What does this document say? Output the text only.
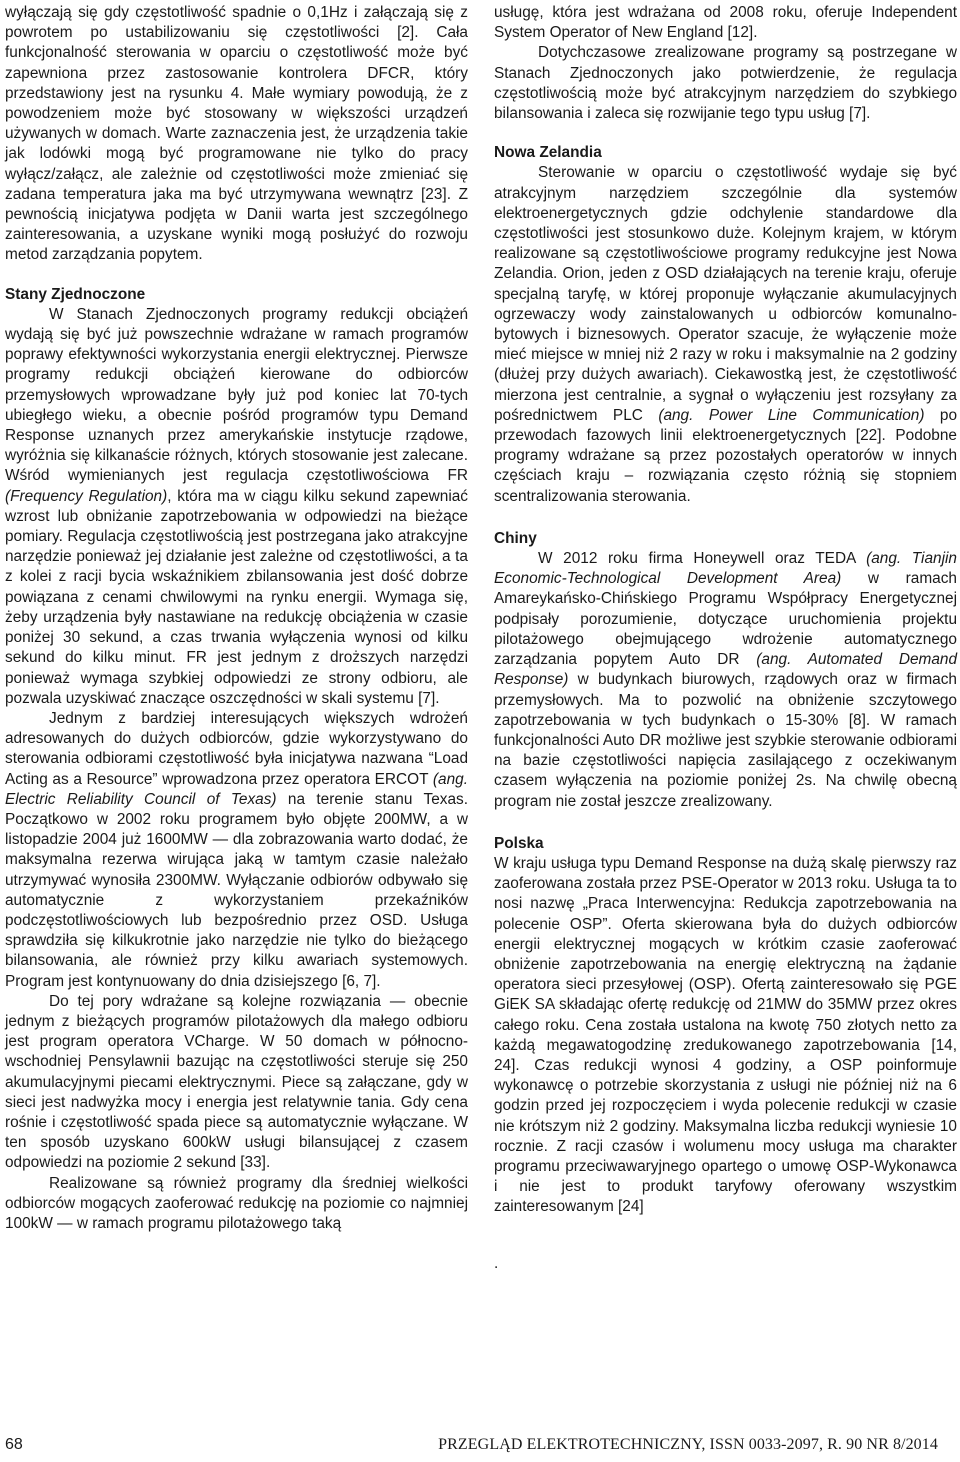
wyłączają się gdy częstotliwość spadnie o 0,1Hz i załączają się z powrotem po ustabilizowaniu się częstotliwości [2]. Cała funkcjonalność sterowania w oparciu o częstotliwość może być zapewniona przez zastosowanie kontrolera DFCR, który przedstawiony jest na rysunku 4. Małe wymiary powodują, że z powodzeniem może być stosowany w większości urządzeń używanych w domach. Warte zaznaczenia jest, że urządzenia takie jak lodówki mogą być programowane nie tylko do pracy wyłącz/załącz, ale zależnie od częstotliwości może zmieniać się zadana temperatura jaka ma być utrzymywana wewnątrz [23]. Z pewnością inicjatywa podjęta w Danii warta jest szczególnego zainteresowania, a uzyskane wyniki mogą posłużyć do rozwoju metod zarządzania popytem.

Stany Zjednoczone

W Stanach Zjednoczonych programy redukcji obciążeń wydają się być już powszechnie wdrażane w ramach programów poprawy efektywności wykorzystania energii elektrycznej. Pierwsze programy redukcji obciążeń kierowane do odbiorców przemysłowych wprowadzane były już pod koniec lat 70-tych ubiegłego wieku, a obecnie pośród programów typu Demand Response uznanych przez amerykańskie instytucje rządowe, wyróżnia się kilkanaście różnych, których stosowanie jest zalecane. Wśród wymienianych jest regulacja częstotliwościowa FR (Frequency Regulation), która ma w ciągu kilku sekund zapewniać wzrost lub obniżanie zapotrzebowania w odpowiedzi na bieżące pomiary. Regulacja częstotliwością jest postrzegana jako atrakcyjne narzędzie ponieważ jej działanie jest zależne od częstotliwości, a ta z kolei z racji bycia wskaźnikiem zbilansowania jest dość dobrze powiązana z cenami chwilowymi na rynku energii. Wymaga się, żeby urządzenia były nastawiane na redukcję obciążenia w czasie poniżej 30 sekund, a czas trwania wyłączenia wynosi od kilku sekund do kilku minut. FR jest jednym z droższych narzędzi ponieważ wymaga szybkiej odpowiedzi ze strony odbioru, ale pozwala uzyskiwać znaczące oszczędności w skali systemu [7].

Jednym z bardziej interesujących większych wdrożeń adresowanych do dużych odbiorców, gdzie wykorzystywano do sterowania odbiorami częstotliwość była inicjatywa nazwana “Load Acting as a Resource” wprowadzona przez operatora ERCOT (ang. Electric Reliability Council of Texas) na terenie stanu Texas. Początkowo w 2002 roku programem było objęte 200MW, a w listopadzie 2004 już 1600MW — dla zobrazowania warto dodać, że maksymalna rezerwa wirująca jaką w tamtym czasie należało utrzymywać wynosiła 2300MW. Wyłączanie odbiorów odbywało się automatycznie z wykorzystaniem przekaźników podczęstotliwościowych lub bezpośrednio przez OSD. Usługa sprawdziła się kilkukrotnie jako narzędzie nie tylko do bieżącego bilansowania, ale również przy kilku awariach systemowych. Program jest kontynuowany do dnia dzisiejszego [6, 7].

Do tej pory wdrażane są kolejne rozwiązania — obecnie jednym z bieżących programów pilotażowych dla małego odbioru jest program operatora VCharge. W 50 domach w północno-wschodniej Pensylawnii bazując na częstotliwości steruje się 250 akumulacyjnymi piecami elektrycznymi. Piece są załączane, gdy w sieci jest nadwyżka mocy i energia jest relatywnie tania. Gdy cena rośnie i częstotliwość spada piece są automatycznie wyłączane. W ten sposób uzyskano 600kW usługi bilansującej z czasem odpowiedzi na poziomie 2 sekund [33].

Realizowane są również programy dla średniej wielkości odbiorców mogących zaoferować redukcję na poziomie co najmniej 100kW — w ramach programu pilotażowego taką

usługę, która jest wdrażana od 2008 roku, oferuje Independent System Operator of New England [12].

Dotychczasowe zrealizowane programy są postrzegane w Stanach Zjednoczonych jako potwierdzenie, że regulacja częstotliwością może być atrakcyjnym narzędziem do szybkiego bilansowania i zaleca się rozwijanie tego typu usług [7].

Nowa Zelandia

Sterowanie w oparciu o częstotliwość wydaje się być atrakcyjnym narzędziem szczególnie dla systemów elektroenergetycznych gdzie odchylenie standardowe dla częstotliwości jest stosunkowo duże. Kolejnym krajem, w którym realizowane są częstotliwościowe programy redukcyjne jest Nowa Zelandia. Orion, jeden z OSD działających na terenie kraju, oferuje specjalną taryfę, w której proponuje wyłączanie akumulacyjnych ogrzewaczy wody zainstalowanych u odbiorców komunalno-bytowych i biznesowych. Operator szacuje, że wyłączenie może mieć miejsce w mniej niż 2 razy w roku i maksymalnie na 2 godziny (dłużej przy dużych awariach). Ciekawostką jest, że częstotliwość mierzona jest centralnie, a sygnał o wyłączeniu jest rozsyłany za pośrednictwem PLC (ang. Power Line Communication) po przewodach fazowych linii elektroenergetycznych [22]. Podobne programy wdrażane są przez pozostałych operatorów w innych częściach kraju – rozwiązania często różnią się stopniem scentralizowania sterowania.

Chiny

W 2012 roku firma Honeywell oraz TEDA (ang. Tianjin Economic-Technological Development Area) w ramach Amareykańsko-Chińskiego Programu Współpracy Energetycznej podpisały porozumienie, dotyczące uruchomienia projektu pilotażowego obejmującego wdrożenie automatycznego zarządzania popytem Auto DR (ang. Automated Demand Response) w budynkach biurowych, rządowych oraz w firmach przemysłowych. Ma to pozwolić na obniżenie szczytowego zapotrzebowania w tych budynkach o 15-30% [8]. W ramach funkcjonalności Auto DR możliwe jest szybkie sterowanie odbiorami na bazie częstotliwości napięcia zasilającego z oczekiwanym czasem wyłączenia na poziomie poniżej 2s. Na chwilę obecną program nie został jeszcze zrealizowany.

Polska

W kraju usługa typu Demand Response na dużą skalę pierwszy raz zaoferowana została przez PSE-Operator w 2013 roku. Usługa ta to nosi nazwę „Praca Interwencyjna: Redukcja zapotrzebowania na polecenie OSP”. Oferta skierowana była do dużych odbiorców energii elektrycznej mogących w krótkim czasie zaoferować obniżenie zapotrzebowania na energię elektryczną na żądanie operatora sieci przesyłowej (OSP). Ofertą zainteresowało się PGE GiEK SA składając ofertę redukcję od 21MW do 35MW przez okres całego roku. Cena została ustalona na kwotę 750 złotych netto za każdą megawatogodzinę zredukowanego zapotrzebowania [14, 24]. Czas redukcji wynosi 4 godziny, a OSP poinformuje wykonawcę o potrzebie skorzystania z usługi nie później niż na 6 godzin przed jej rozpoczęciem i wyda polecenie redukcji w czasie nie krótszym niż 2 godziny. Maksymalna liczba redukcji wyniesie 10 rocznie. Z racji czasów i wolumenu mocy usługa ma charakter programu przeciwawaryjnego opartego o umowę OSP-Wykonawca i nie jest to produkt taryfowy oferowany wszystkim zainteresowanym [24]

.

68	PRZEGLĄD ELEKTROTECHNICZNY, ISSN 0033-2097, R. 90 NR 8/2014
